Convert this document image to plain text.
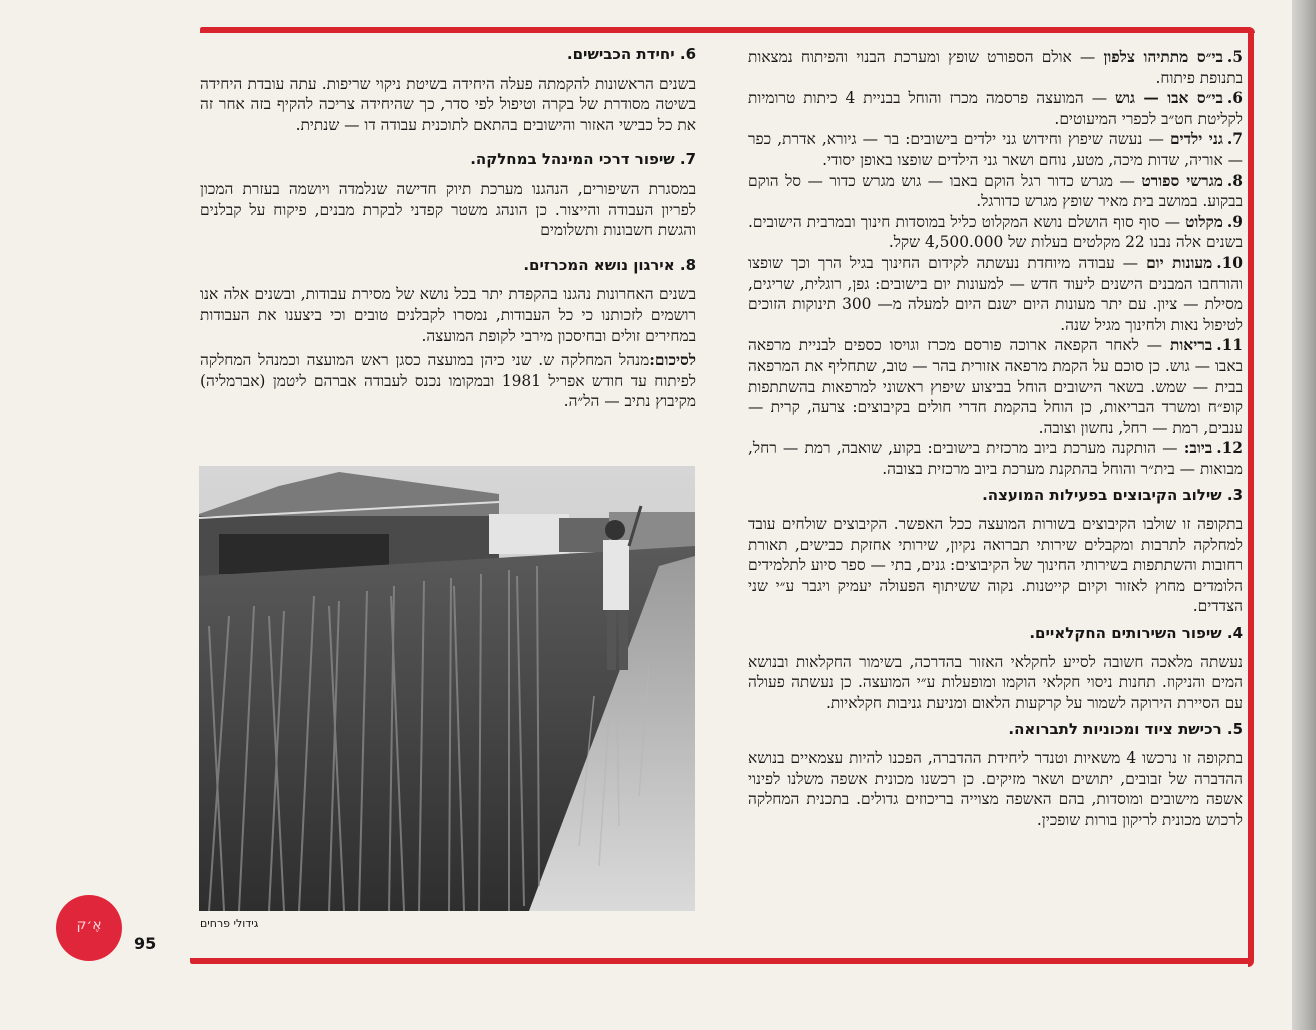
5.בי״ס מתתיהו צלפון — אולם הספורט שופץ ומערכת הבנוי והפיתוח נמצאות בתנופת פיתוח.

6.בי״ס אבו — גוש — המועצה פרסמה מכרז והוחל בבניית 4 כיתות טרומיות לקליטת חט״ב לכפרי המיעוטים.

7.גני ילדים — נעשה שיפוץ וחידוש גני ילדים בישובים: בר — גיורא, אדרת, כפר — אוריה, שדות מיכה, מטע, נוחם ושאר גני הילדים שופצו באופן יסודי.

8.מגרשי ספורט — מגרש כדור רגל הוקם באבו — גוש מגרש כדור — סל הוקם בבקוע. במושב בית מאיר שופץ מגרש כדורגל.

9.מקלוט — סוף סוף הושלם נושא המקלוט כליל במוסדות חינוך ובמרבית הישובים. בשנים אלה נבנו 22 מקלטים בעלות של 4,500.000 שקל.

10.מעונות יום — עבודה מיוחדת נעשתה לקידום החינוך בגיל הרך וכך שופצו והורחבו המבנים הישנים ליעוד חדש — למעונות יום בישובים: גפן, רוגלית, שריגים, מסילת — ציון. עם יתר מעונות היום ישנם היום למעלה מ— 300 תינוקות הזוכים לטיפול נאות ולחינוך מגיל שנה.

11.בריאות — לאחר הקפאה ארוכה פורסם מכרז וגויסו כספים לבניית מרפאה באבו — גוש. כן סוכם על הקמת מרפאה אזורית בהר — טוב, שתחליף את המרפאה בבית — שמש. בשאר הישובים הוחל בביצוע שיפוץ ראשוני למרפאות בהשתתפות קופ״ח ומשרד הבריאות, כן הוחל בהקמת חדרי חולים בקיבוצים: צרעה, קרית — ענבים, רמת — רחל, נחשון וצובה.

12.ביוב: — הותקנה מערכת ביוב מרכזית בישובים: בקוע, שואבה, רמת — רחל, מבואות — בית״ר והוחל בהתקנת מערכת ביוב מרכזית בצובה.

3. שילוב הקיבוצים בפעילות המועצה.

בתקופה זו שולבו הקיבוצים בשורות המועצה ככל האפשר. הקיבוצים שולחים עובד למחלקה לתרבות ומקבלים שירותי תברואה נקיון, שירותי אחזקת כבישים, תאורת רחובות והשתתפות בשירותי החינוך של הקיבוצים: גנים, בתי — ספר סיוע לתלמידים הלומדים מחוץ לאזור וקיום קייטנות. נקוה ששיתוף הפעולה יעמיק ויגבר ע״י שני הצדדים.

4. שיפור השירותים החקלאיים.

נעשתה מלאכה חשובה לסייע לחקלאי האזור בהדרכה, בשימור החקלאות ובנושא המים והניקוז. תחנות ניסוי חקלאי הוקמו ומופעלות ע״י המועצה. כן נעשתה פעולה עם הסיירת הירוקה לשמור על קרקעות הלאום ומניעת גניבות חקלאיות.

5. רכישת ציוד ומכוניות לתברואה.

בתקופה זו נרכשו 4 משאיות וטנדר ליחידת ההדברה, הפכנו להיות עצמאיים בנושא ההדברה של זבובים, יתושים ושאר מזיקים. כן רכשנו מכונית אשפה משלנו לפינוי אשפה מישובים ומוסדות, בהם האשפה מצוייה בריכוזים גדולים. בתכנית המחלקה לרכוש מכונית לריקון בורות שופכין.

6. יחידת הכבישים.

בשנים הראשונות להקמתה פעלה היחידה בשיטת ניקוי שריפות. עתה עובדת היחידה בשיטה מסודרת של בקרה וטיפול לפי סדר, כך שהיחידה צריכה להקיף בזה אחר זה את כל כבישי האזור והישובים בהתאם לתוכנית עבודה דו — שנתית.

7. שיפור דרכי המינהל במחלקה.

במסגרת השיפורים, הנהגנו מערכת תיוק חדישה שנלמדה ויושמה בעזרת המכון לפריון העבודה והייצור. כן הונהג משטר קפדני לבקרת מבנים, פיקוח על קבלנים והגשת חשבונות ותשלומים

8. אירגון נושא המכרזים.

בשנים האחרונות נהגנו בהקפדת יתר בכל נושא של מסירת עבודות, ובשנים אלה אנו רושמים לזכותנו כי כל העבודות, נמסרו לקבלנים טובים וכי ביצענו את העבודות במחירים זולים ובחיסכון מירבי לקופת המועצה.

לסיכום:מנהל המחלקה ש. שני כיהן במועצה כסגן ראש המועצה וכמנהל המחלקה לפיתוח עד חודש אפריל 1981 ובמקומו נכנס לעבודה אברהם ליטמן (אברמליה) מקיבוץ נתיב — הל״ה.

גידולי פרחים
95
אֶ׳ק
